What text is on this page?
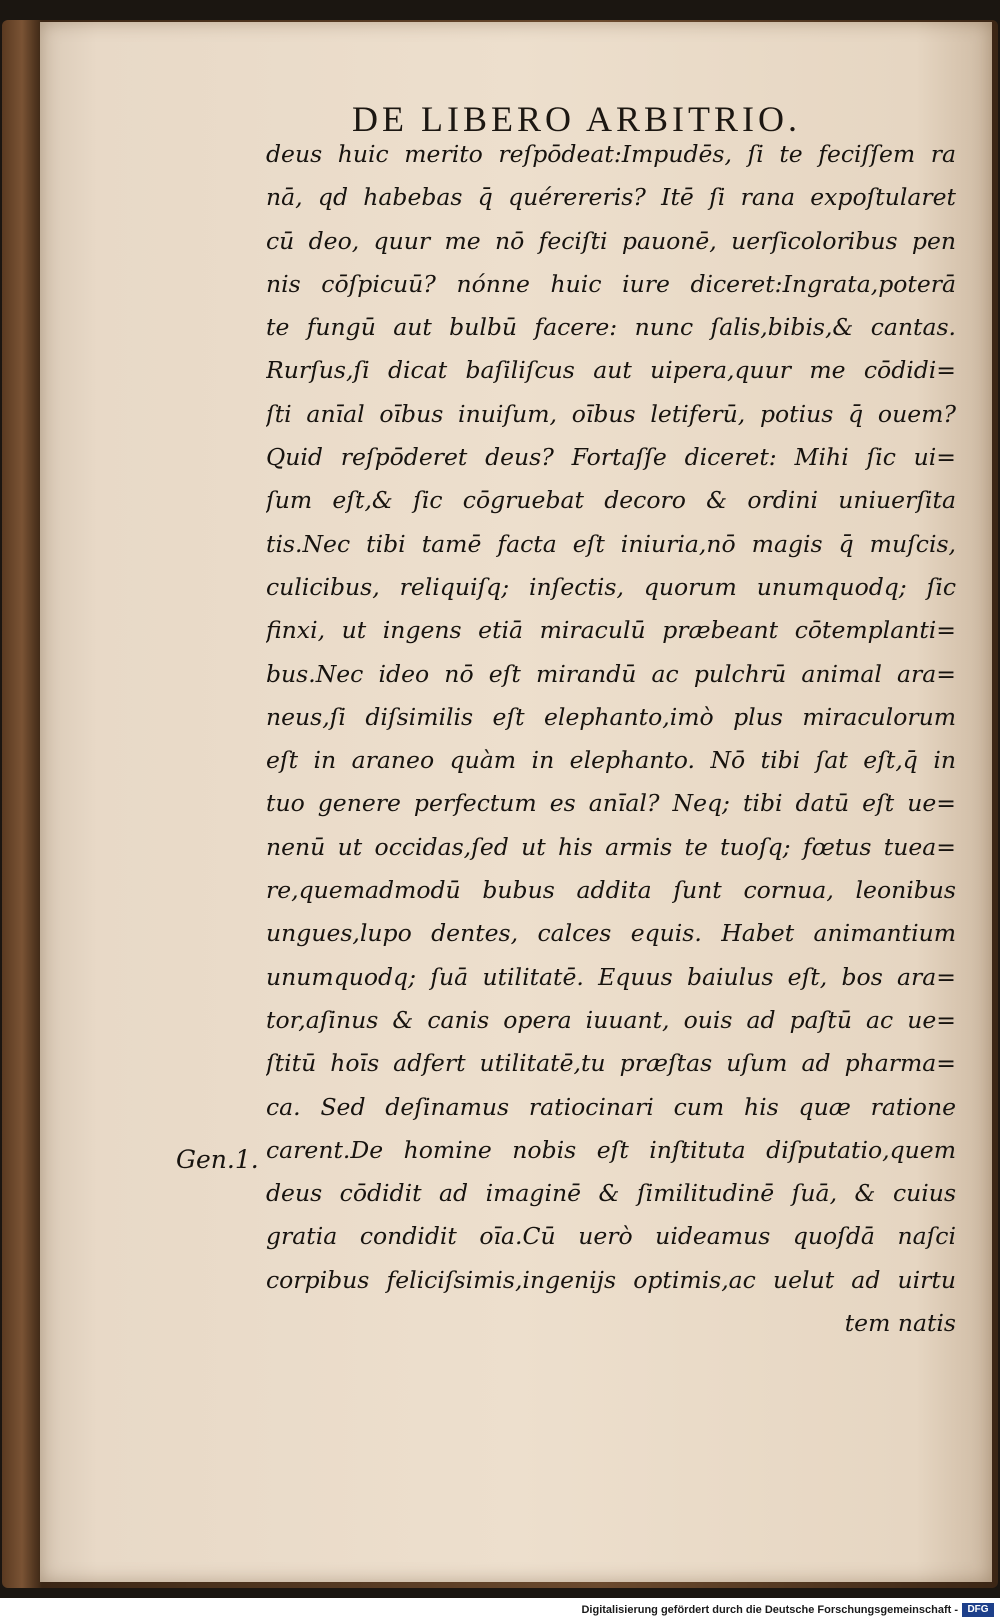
DE LIBERO ARBITRIO.
Gen.1.
deus huic merito reſpōdeat:Impudēs, ſi te feciſſem ra
nā, qd habebas q̄ quérereris? Itē ſi rana expoſtularet
cū deo, quur me nō feciſti pauonē, uerſicoloribus pen
nis cōſpicuū? nónne huic iure diceret:Ingrata,poterā
te fungū aut bulbū facere: nunc ſalis,bibis,& cantas.
Rurſus,ſi dicat baſiliſcus aut uipera,quur me cōdidi=
ſti anīal oībus inuiſum, oībus letiferū, potius q̄ ouem?
Quid reſpōderet deus? Fortaſſe diceret: Mihi ſic ui=
ſum eſt,& ſic cōgruebat decoro & ordini uniuerſita
tis.Nec tibi tamē facta eſt iniuria,nō magis q̄ muſcis,
culicibus, reliquiſq; inſectis, quorum unumquodq; ſic
finxi, ut ingens etiā miraculū præbeant cōtemplanti=
bus.Nec ideo nō eſt mirandū ac pulchrū animal ara=
neus,ſi diſsimilis eſt elephanto,imò plus miraculorum
eſt in araneo quàm in elephanto. Nō tibi ſat eſt,q̄ in
tuo genere perfectum es anīal? Neq; tibi datū eſt ue=
nenū ut occidas,ſed ut his armis te tuoſq; fœtus tuea=
re,quemadmodū bubus addita ſunt cornua, leonibus
ungues,lupo dentes, calces equis. Habet animantium
unumquodq; ſuā utilitatē. Equus baiulus eſt, bos ara=
tor,aſinus & canis opera iuuant, ouis ad paſtū ac ue=
ſtitū hoīs adfert utilitatē,tu præſtas uſum ad pharma=
ca. Sed deſinamus ratiocinari cum his quæ ratione
carent.De homine nobis eſt inſtituta diſputatio,quem
deus cōdidit ad imaginē & ſimilitudinē ſuā, & cuius
gratia condidit oīa.Cū uerò uideamus quoſdā naſci
corpibus feliciſsimis,ingenijs optimis,ac uelut ad uirtu
tem natis
Digitalisierung gefördert durch die Deutsche Forschungsgemeinschaft - DFG
